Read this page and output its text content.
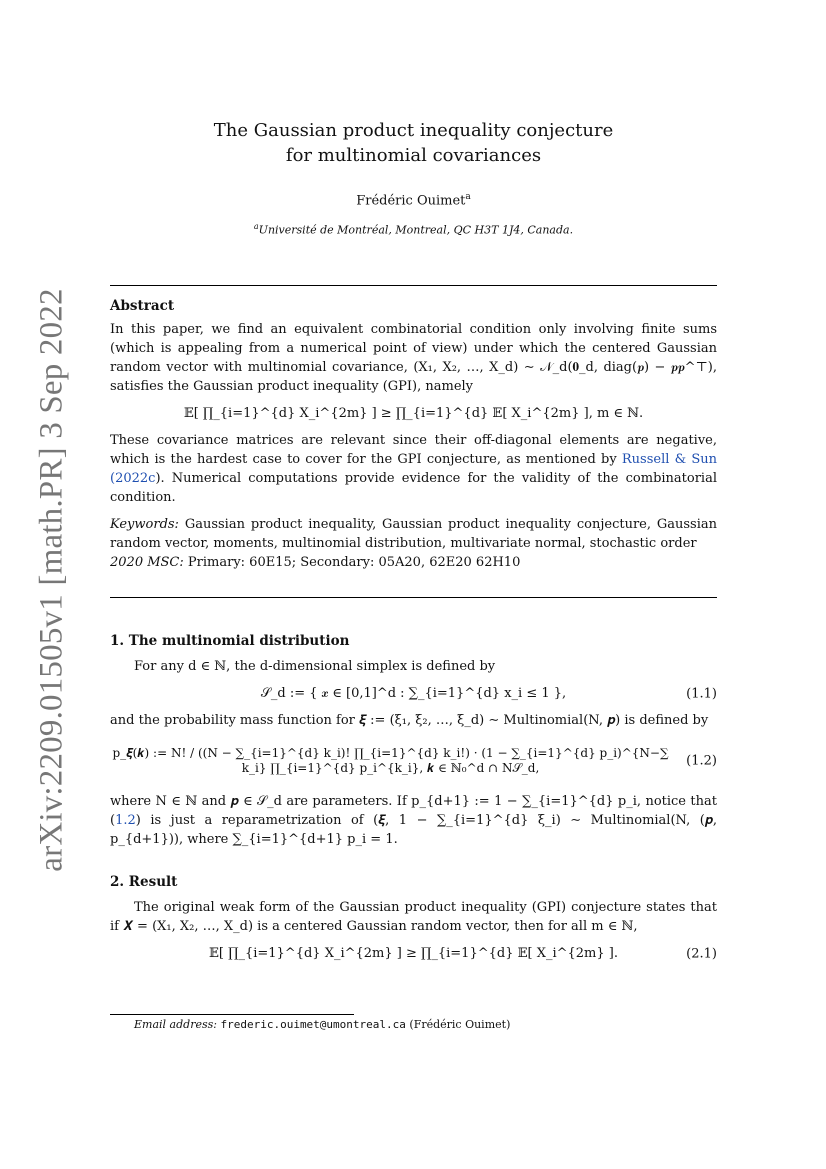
arXiv:2209.01505v1 [math.PR] 3 Sep 2022
The Gaussian product inequality conjecture
for multinomial covariances
Frédéric Ouimet$^a$
$^a$Université de Montréal, Montreal, QC H3T 1J4, Canada.
Abstract

In this paper, we find an equivalent combinatorial condition only involving finite sums (which is appealing from a numerical point of view) under which the centered Gaussian random vector with multinomial covariance, (X₁, X₂, …, X_d) ∼ 𝒩_d(𝟎_d, diag(𝒑) − 𝒑𝒑^⊤), satisfies the Gaussian product inequality (GPI), namely

𝔼[ ∏_{i=1}^{d} X_i^{2m} ] ≥ ∏_{i=1}^{d} 𝔼[ X_i^{2m} ], m ∈ ℕ.

These covariance matrices are relevant since their off-diagonal elements are negative, which is the hardest case to cover for the GPI conjecture, as mentioned by Russell & Sun (2022c). Numerical computations provide evidence for the validity of the combinatorial condition.

Keywords: Gaussian product inequality, Gaussian product inequality conjecture, Gaussian random vector, moments, multinomial distribution, multivariate normal, stochastic order

2020 MSC: Primary: 60E15; Secondary: 05A20, 62E20 62H10

1. The multinomial distribution

For any d ∈ ℕ, the d-dimensional simplex is defined by

𝒮_d := { 𝒙 ∈ [0,1]^d : ∑_{i=1}^{d} x_i ≤ 1 },	(1.1)

and the probability mass function for 𝝃 := (ξ₁, ξ₂, …, ξ_d) ∼ Multinomial(N, 𝒑) is defined by

p_𝝃(𝒌) := N! / ((N − ∑_{i=1}^{d} k_i)! ∏_{i=1}^{d} k_i!) · (1 − ∑_{i=1}^{d} p_i)^{N−∑ k_i} ∏_{i=1}^{d} p_i^{k_i}, 𝒌 ∈ ℕ₀^d ∩ N𝒮_d,	(1.2)

where N ∈ ℕ and 𝒑 ∈ 𝒮_d are parameters. If p_{d+1} := 1 − ∑_{i=1}^{d} p_i, notice that (1.2) is just a reparametrization of (𝝃, 1 − ∑_{i=1}^{d} ξ_i) ∼ Multinomial(N, (𝒑, p_{d+1})), where ∑_{i=1}^{d+1} p_i = 1.

2. Result

The original weak form of the Gaussian product inequality (GPI) conjecture states that if 𝑿 = (X₁, X₂, …, X_d) is a centered Gaussian random vector, then for all m ∈ ℕ,

𝔼[ ∏_{i=1}^{d} X_i^{2m} ] ≥ ∏_{i=1}^{d} 𝔼[ X_i^{2m} ].	(2.1)
Email address: frederic.ouimet@umontreal.ca (Frédéric Ouimet)
